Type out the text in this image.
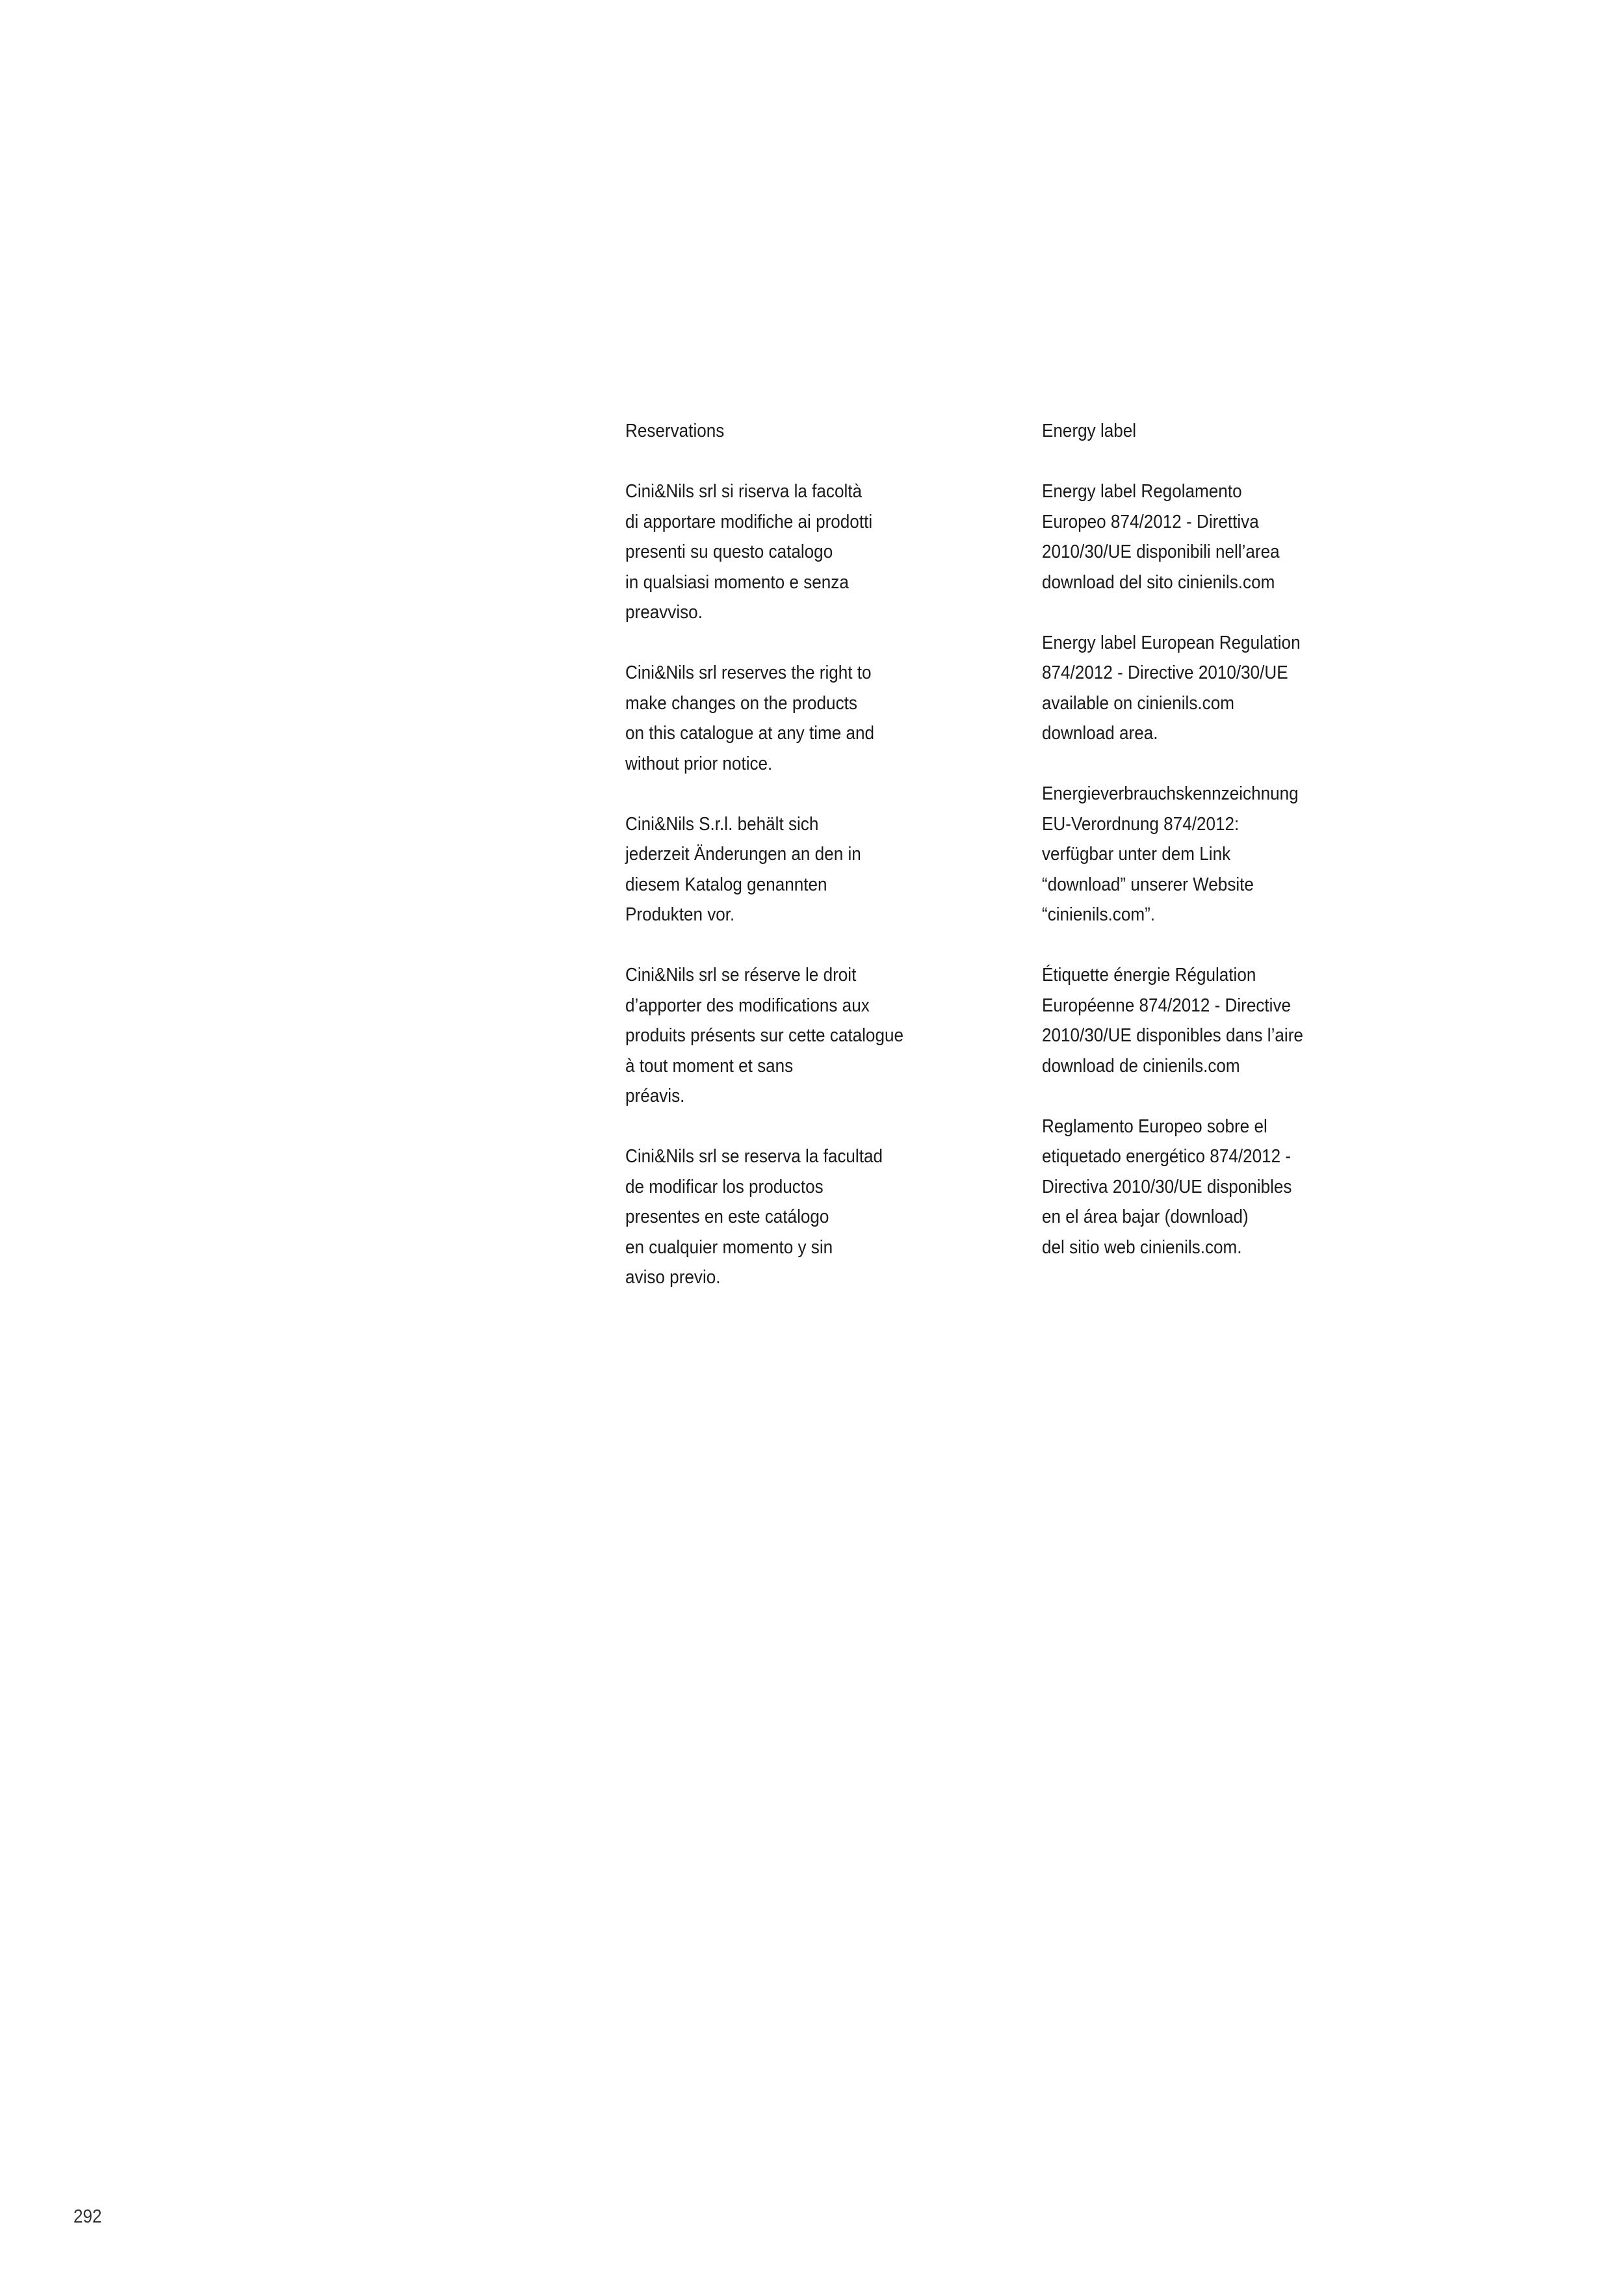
Reservations
Cini&Nils srl si riserva la facoltà
di apportare modifiche ai prodotti
presenti su questo catalogo
in qualsiasi momento e senza
preavviso.
Cini&Nils srl reserves the right to
make changes on the products
on this catalogue at any time and
without prior notice.
Cini&Nils S.r.l. behält sich
jederzeit Änderungen an den in
diesem Katalog genannten
Produkten vor.
Cini&Nils srl se réserve le droit
d’apporter des modifications aux
produits présents sur cette catalogue
à tout moment et sans
préavis.
Cini&Nils srl se reserva la facultad
de modificar los productos
presentes en este catálogo
en cualquier momento y sin
aviso previo.
Energy label
Energy label Regolamento
Europeo 874/2012 - Direttiva
2010/30/UE disponibili nell’area
download del sito cinienils.com
Energy label European Regulation
874/2012 - Directive 2010/30/UE
available on cinienils.com
download area.
Energieverbrauchskennzeichnung
EU-Verordnung 874/2012:
verfügbar unter dem Link
“download” unserer Website
“cinienils.com”.
Étiquette énergie Régulation
Européenne 874/2012 - Directive
2010/30/UE disponibles dans l’aire
download de cinienils.com
Reglamento Europeo sobre el
etiquetado energético 874/2012 -
Directiva 2010/30/UE disponibles
en el área bajar (download)
del sitio web cinienils.com.
292
